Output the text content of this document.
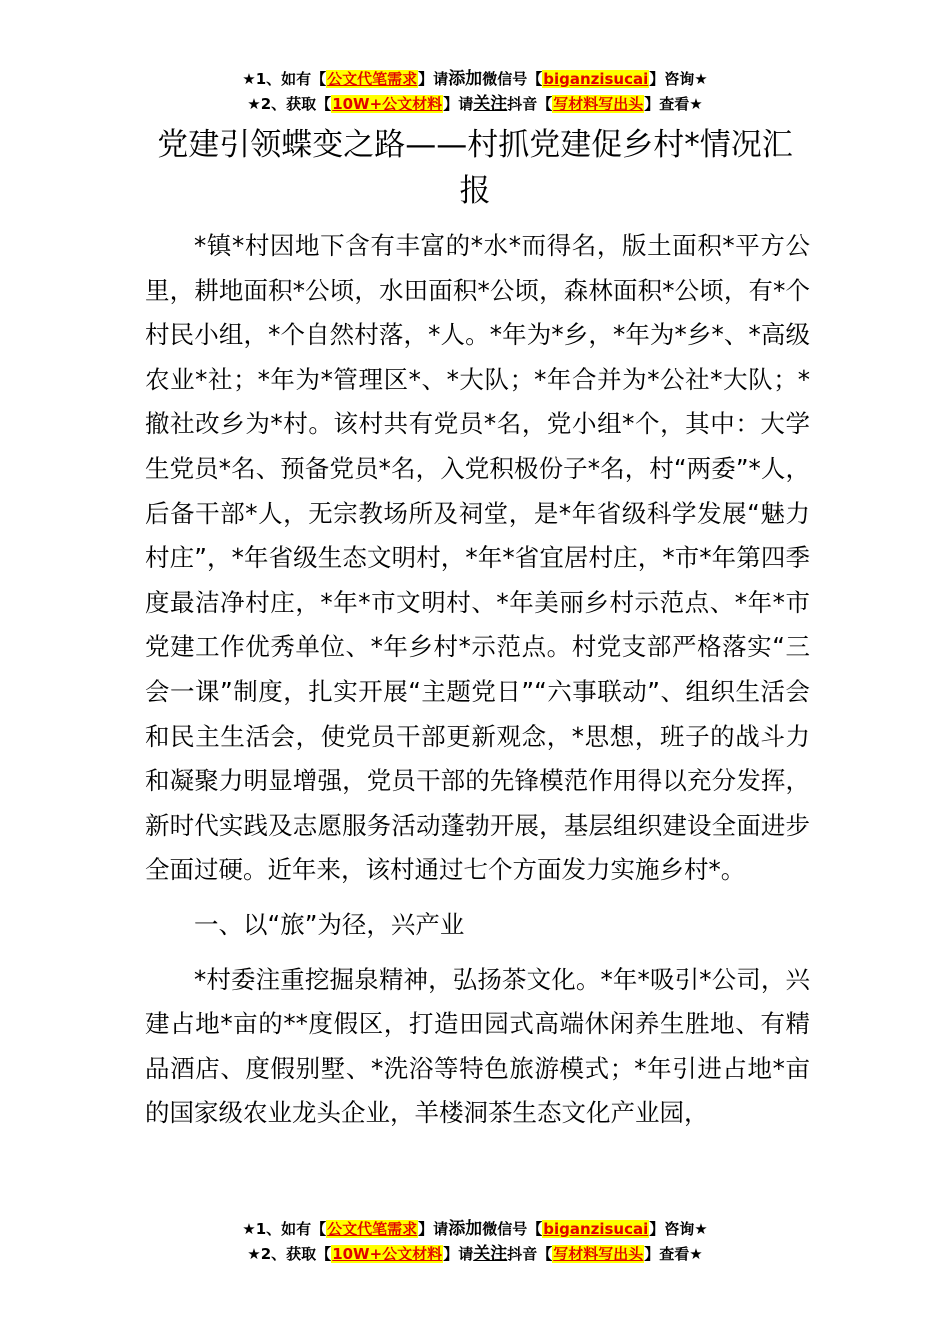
★1、如有【公文代笔需求】请添加微信号【biganzisucai】咨询★
★2、获取【10W+公文材料】请关注抖音【写材料写出头】查看★
党建引领蝶变之路——村抓党建促乡村*情况汇报

*镇*村因地下含有丰富的*水*而得名，版土面积*平方公里，耕地面积*公顷，水田面积*公顷，森林面积*公顷，有*个村民小组，*个自然村落，*人。*年为*乡，*年为*乡*、*高级农业*社；*年为*管理区*、*大队；*年合并为*公社*大队；*撤社改乡为*村。该村共有党员*名，党小组*个，其中：大学生党员*名、预备党员*名，入党积极份子*名，村“两委”*人，后备干部*人，无宗教场所及祠堂，是*年省级科学发展“魅力村庄”，*年省级生态文明村，*年*省宜居村庄，*市*年第四季度最洁净村庄，*年*市文明村、*年美丽乡村示范点、*年*市党建工作优秀单位、*年乡村*示范点。村党支部严格落实“三会一课”制度，扎实开展“主题党日”“六事联动”、组织生活会和民主生活会，使党员干部更新观念，*思想，班子的战斗力和凝聚力明显增强，党员干部的先锋模范作用得以充分发挥，新时代实践及志愿服务活动蓬勃开展，基层组织建设全面进步全面过硬。近年来，该村通过七个方面发力实施乡村*。

一、以“旅”为径，兴产业

*村委注重挖掘泉精神，弘扬茶文化。*年*吸引*公司，兴建占地*亩的**度假区，打造田园式高端休闲养生胜地、有精品酒店、度假别墅、*洗浴等特色旅游模式；*年引进占地*亩的国家级农业龙头企业，羊楼洞茶生态文化产业园，

★1、如有【公文代笔需求】请添加微信号【biganzisucai】咨询★
★2、获取【10W+公文材料】请关注抖音【写材料写出头】查看★
